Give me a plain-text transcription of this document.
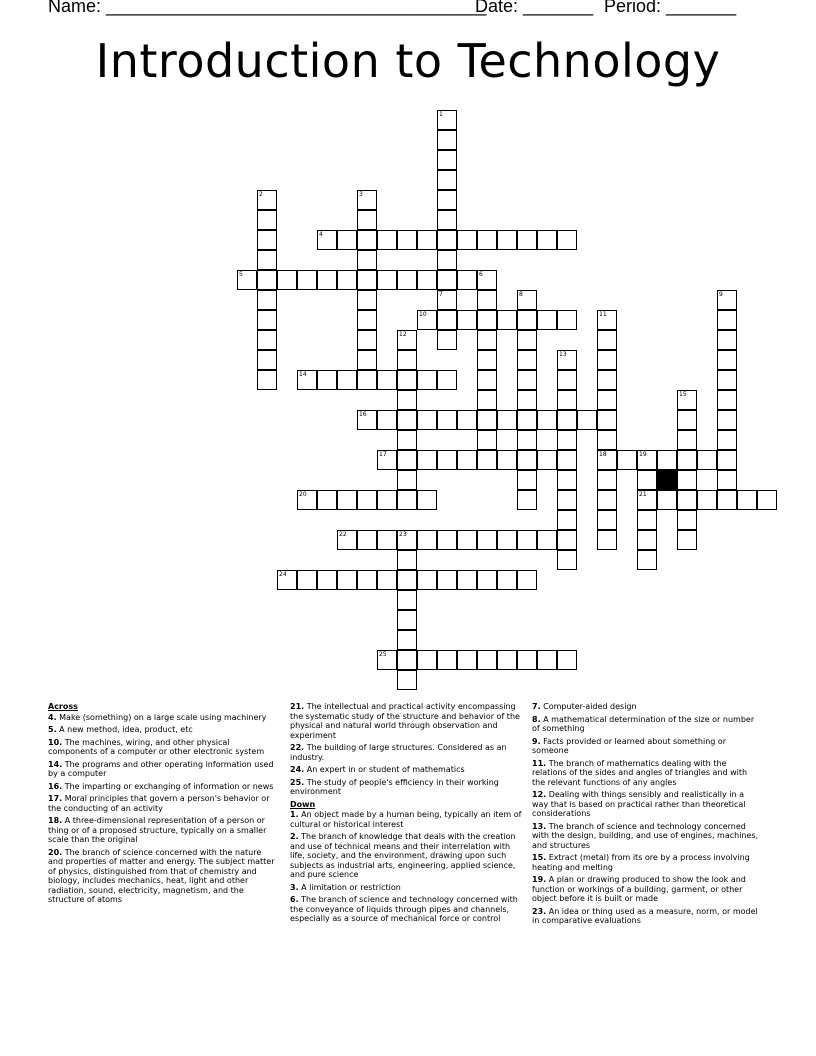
Name: ______________________________________
Date: _______ Period: _______
Introduction to Technology
1
7
2	3
4
5	6
8	9
10	11
18
12
13
14
15
16
17	19
21
20
22	23
24
25
Across
4. Make (something) on a large scale using machinery
5. A new method, idea, product, etc
10. The machines, wiring, and other physical components of a computer or other electronic system
14. The programs and other operating information used by a computer
16. The imparting or exchanging of information or news
17. Moral principles that govern a person's behavior or the conducting of an activity
18. A three-dimensional representation of a person or thing or of a proposed structure, typically on a smaller scale than the original
20. The branch of science concerned with the nature and properties of matter and energy. The subject matter of physics, distinguished from that of chemistry and biology, includes mechanics, heat, light and other radiation, sound, electricity, magnetism, and the structure of atoms
21. The intellectual and practical activity encompassing the systematic study of the structure and behavior of the physical and natural world through observation and experiment
22. The building of large structures. Considered as an industry.
24. An expert in or student of mathematics
25. The study of people's efficiency in their working environment
Down
1. An object made by a human being, typically an item of cultural or historical interest
2. The branch of knowledge that deals with the creation and use of technical means and their interrelation with life, society, and the environment, drawing upon such subjects as industrial arts, engineering, applied science, and pure science
3. A limitation or restriction
6. The branch of science and technology concerned with the conveyance of liquids through pipes and channels, especially as a source of mechanical force or control
7. Computer-aided design
8. A mathematical determination of the size or number of something
9. Facts provided or learned about something or someone
11. The branch of mathematics dealing with the relations of the sides and angles of triangles and with the relevant functions of any angles
12. Dealing with things sensibly and realistically in a way that is based on practical rather than theoretical considerations
13. The branch of science and technology concerned with the design, building, and use of engines, machines, and structures
15. Extract (metal) from its ore by a process involving heating and melting
19. A plan or drawing produced to show the look and function or workings of a building, garment, or other object before it is built or made
23. An idea or thing used as a measure, norm, or model in comparative evaluations
